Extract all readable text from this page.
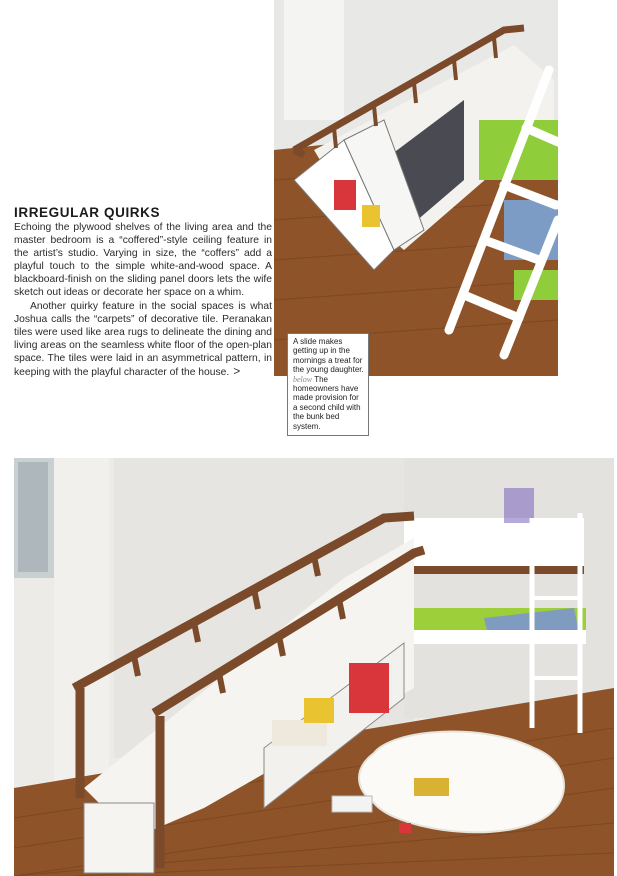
IRREGULAR QUIRKS

Echoing the plywood shelves of the living area and the master bedroom is a “coffered”-style ceiling feature in the artist’s studio. Varying in size, the “coffers” add a playful touch to the simple white-and-wood space. A blackboard-finish on the sliding panel doors lets the wife sketch out ideas or decorate her space on a whim.

Another quirky feature in the social spaces is what Joshua calls the “carpets” of decorative tile. Peranakan tiles were used like area rugs to delineate the dining and living areas on the seamless white floor of the open-plan space. The tiles were laid in an asymmetrical pattern, in keeping with the playful character of the house. >

A slide makes getting up in the mornings a treat for the young daughter. below The homeowners have made provision for a second child with the bunk bed system.
